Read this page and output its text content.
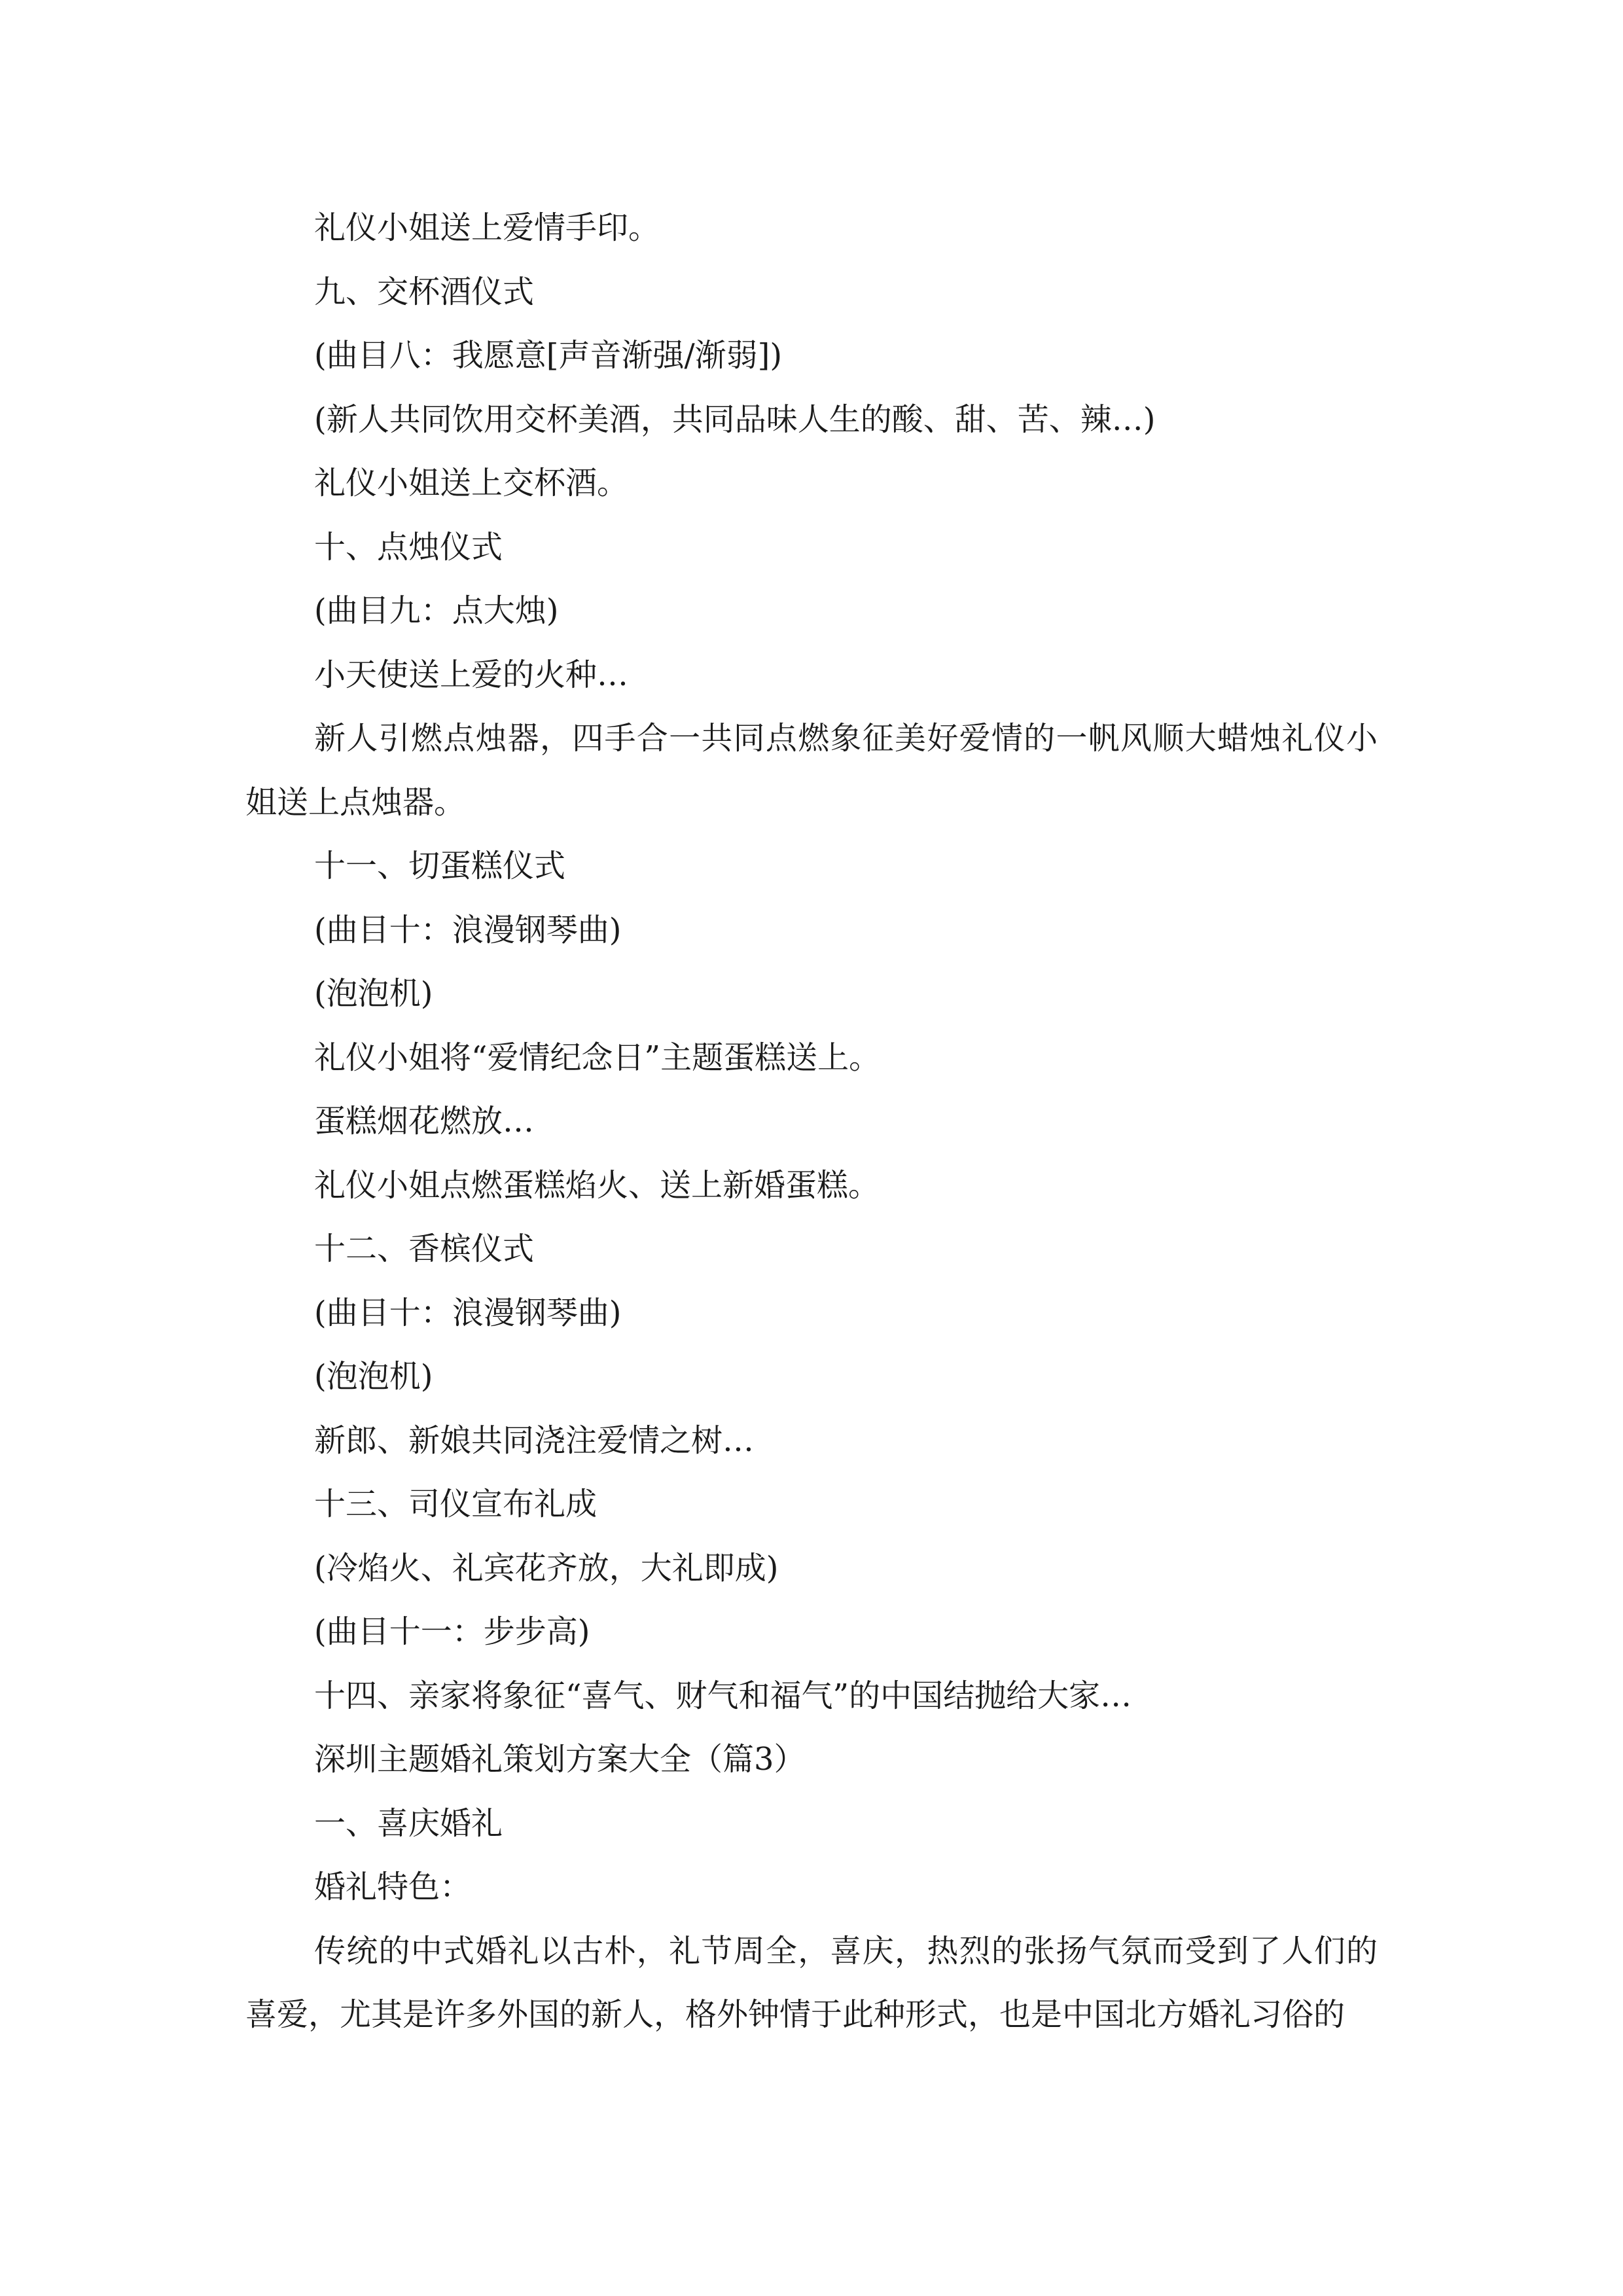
礼仪小姐送上爱情手印。

九、交杯酒仪式

(曲目八：我愿意[声音渐强/渐弱])

(新人共同饮用交杯美酒，共同品味人生的酸、甜、苦、辣…)

礼仪小姐送上交杯酒。

十、点烛仪式

(曲目九：点大烛)

小天使送上爱的火种…

新人引燃点烛器，四手合一共同点燃象征美好爱情的一帆风顺大蜡烛礼仪小姐送上点烛器。

十一、切蛋糕仪式

(曲目十：浪漫钢琴曲)

(泡泡机)

礼仪小姐将“爱情纪念日”主题蛋糕送上。

蛋糕烟花燃放…

礼仪小姐点燃蛋糕焰火、送上新婚蛋糕。

十二、香槟仪式

(曲目十：浪漫钢琴曲)

(泡泡机)

新郎、新娘共同浇注爱情之树…

十三、司仪宣布礼成

(冷焰火、礼宾花齐放，大礼即成)

(曲目十一：步步高)

十四、亲家将象征“喜气、财气和福气”的中国结抛给大家…

深圳主题婚礼策划方案大全（篇3）

一、喜庆婚礼

婚礼特色：

传统的中式婚礼以古朴，礼节周全，喜庆，热烈的张扬气氛而受到了人们的喜爱，尤其是许多外国的新人，格外钟情于此种形式，也是中国北方婚礼习俗的
